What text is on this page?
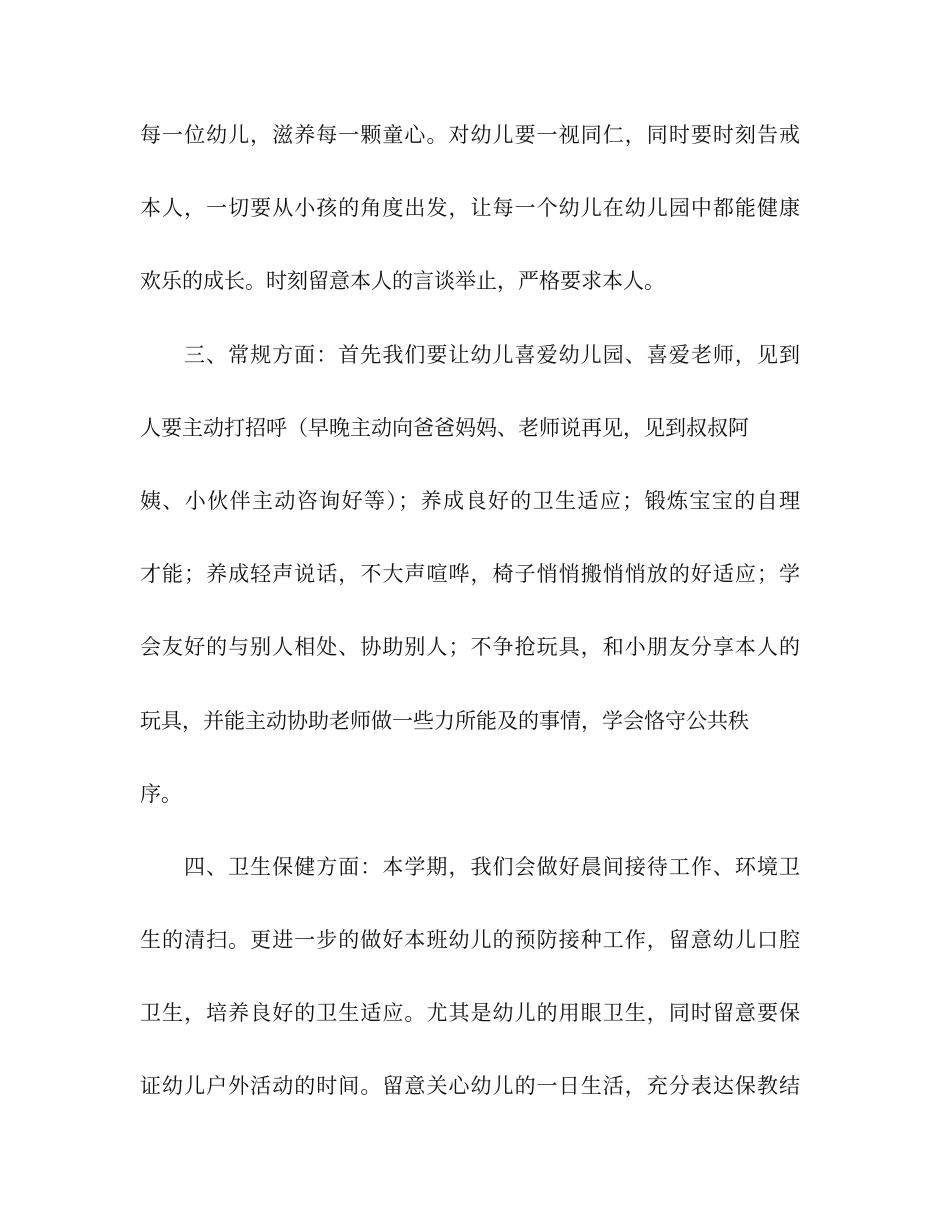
每一位幼儿，滋养每一颗童心。对幼儿要一视同仁，同时要时刻告戒
本人，一切要从小孩的角度出发，让每一个幼儿在幼儿园中都能健康
欢乐的成长。时刻留意本人的言谈举止，严格要求本人。
三、常规方面：首先我们要让幼儿喜爱幼儿园、喜爱老师，见到
人要主动打招呼（早晚主动向爸爸妈妈、老师说再见，见到叔叔阿
姨、小伙伴主动咨询好等）；养成良好的卫生适应；锻炼宝宝的自理
才能；养成轻声说话，不大声喧哗，椅子悄悄搬悄悄放的好适应；学
会友好的与别人相处、协助别人；不争抢玩具，和小朋友分享本人的
玩具，并能主动协助老师做一些力所能及的事情，学会恪守公共秩
序。
四、卫生保健方面：本学期，我们会做好晨间接待工作、环境卫
生的清扫。更进一步的做好本班幼儿的预防接种工作，留意幼儿口腔
卫生，培养良好的卫生适应。尤其是幼儿的用眼卫生，同时留意要保
证幼儿户外活动的时间。留意关心幼儿的一日生活，充分表达保教结
